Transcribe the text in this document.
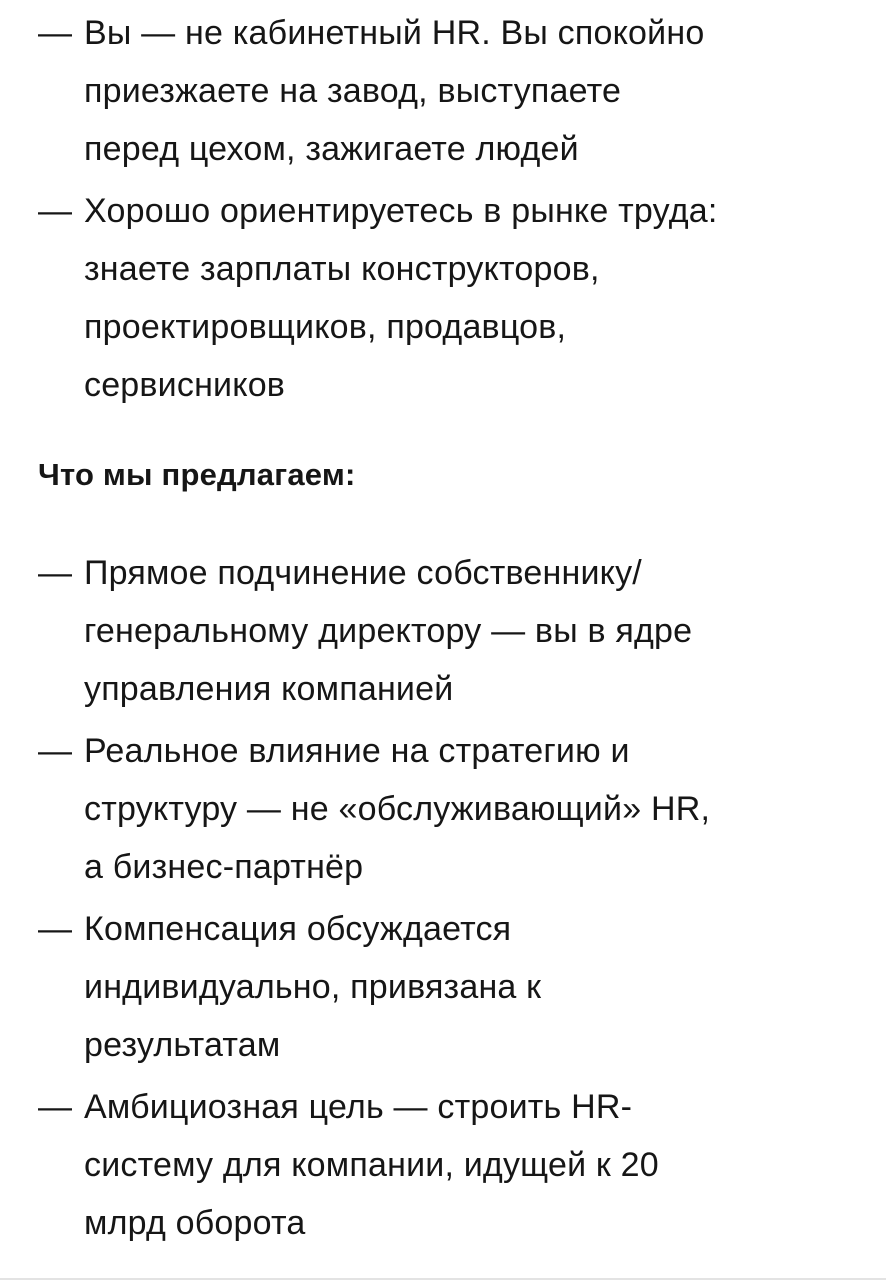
— Вы — не кабинетный HR. Вы спокойно
приезжаете на завод, выступаете
перед цехом, зажигаете людей
— Хорошо ориентируетесь в рынке труда:
знаете зарплаты конструкторов,
проектировщиков, продавцов,
сервисников
Что мы предлагаем:
— Прямое подчинение собственнику/
генеральному директору — вы в ядре
управления компанией
— Реальное влияние на стратегию и
структуру — не «обслуживающий» HR,
а бизнес-партнёр
— Компенсация обсуждается
индивидуально, привязана к
результатам
— Амбициозная цель — строить HR-
систему для компании, идущей к 20
млрд оборота
